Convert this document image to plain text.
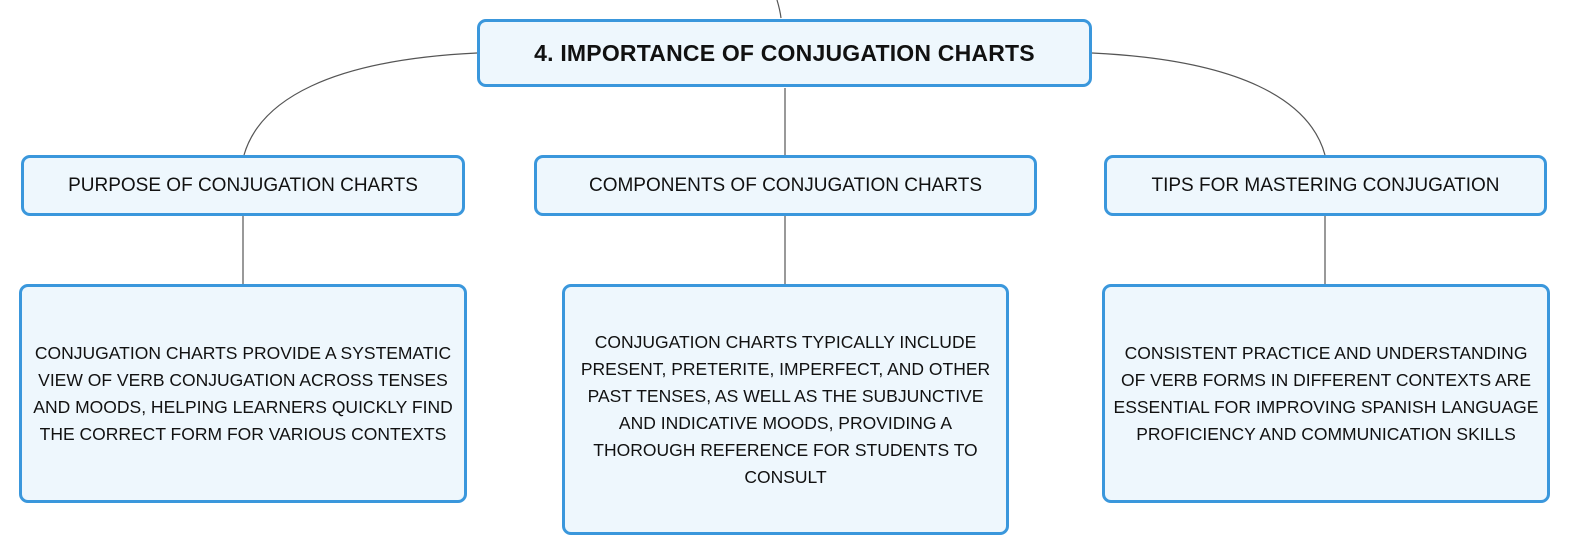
4. IMPORTANCE OF CONJUGATION CHARTS
PURPOSE OF CONJUGATION CHARTS	COMPONENTS OF CONJUGATION CHARTS	TIPS FOR MASTERING CONJUGATION
CONJUGATION CHARTS PROVIDE A SYSTEMATIC VIEW OF VERB CONJUGATION ACROSS TENSES AND MOODS, HELPING LEARNERS QUICKLY FIND THE CORRECT FORM FOR VARIOUS CONTEXTS
CONJUGATION CHARTS TYPICALLY INCLUDE PRESENT, PRETERITE, IMPERFECT, AND OTHER PAST TENSES, AS WELL AS THE SUBJUNCTIVE AND INDICATIVE MOODS, PROVIDING A THOROUGH REFERENCE FOR STUDENTS TO CONSULT
CONSISTENT PRACTICE AND UNDERSTANDING OF VERB FORMS IN DIFFERENT CONTEXTS ARE ESSENTIAL FOR IMPROVING SPANISH LANGUAGE PROFICIENCY AND COMMUNICATION SKILLS
